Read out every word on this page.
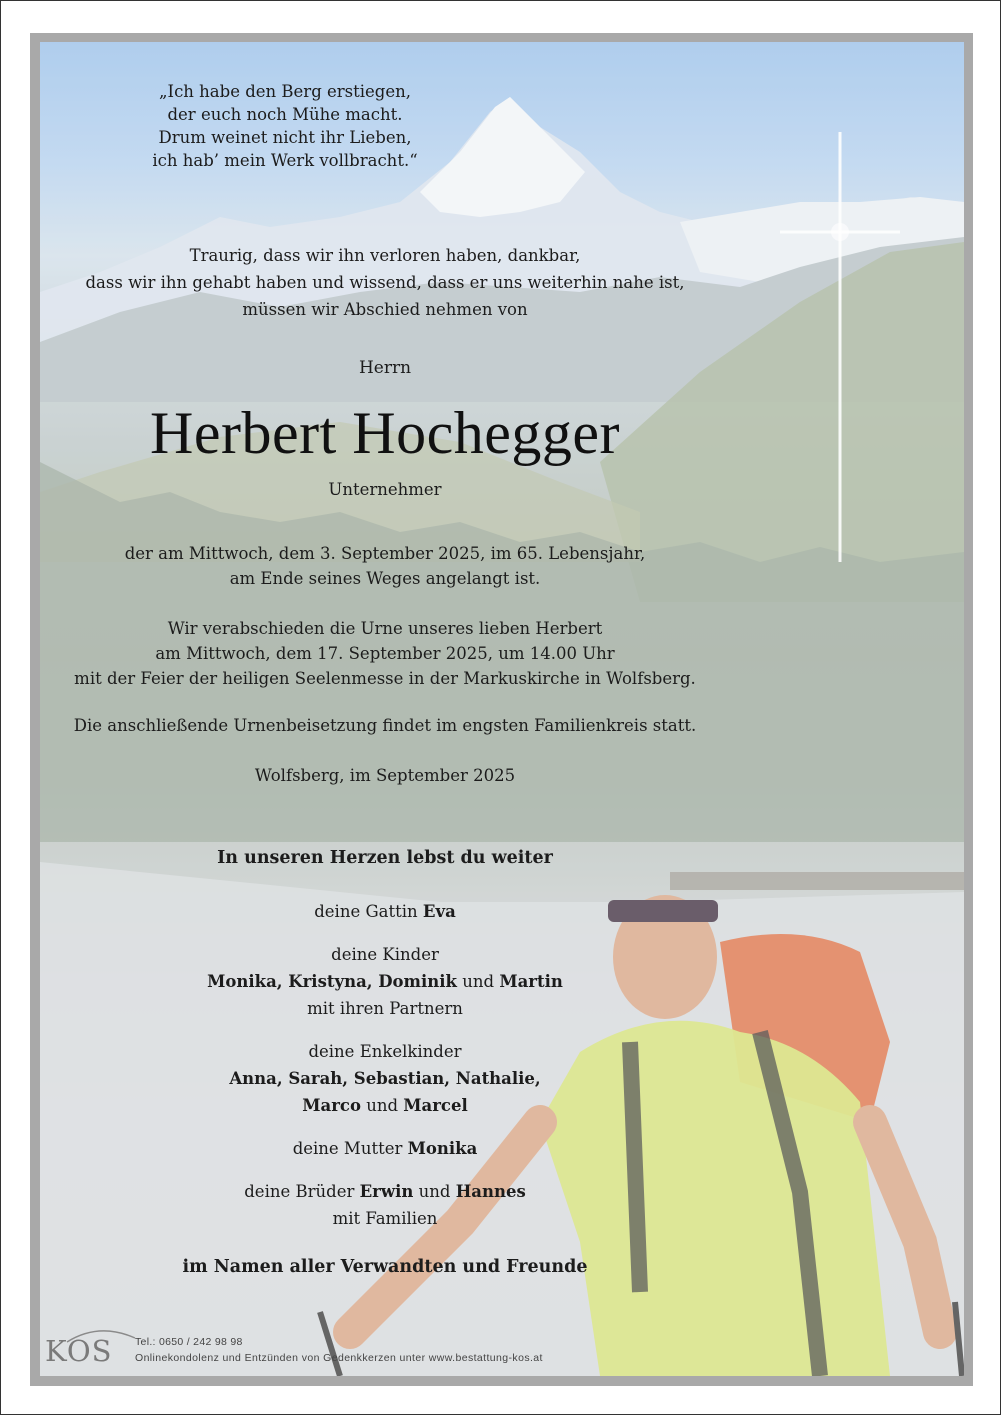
„Ich habe den Berg erstiegen,
der euch noch Mühe macht.
Drum weinet nicht ihr Lieben,
ich hab’ mein Werk vollbracht.“
Traurig, dass wir ihn verloren haben, dankbar,
dass wir ihn gehabt haben und wissend, dass er uns weiterhin nahe ist,
müssen wir Abschied nehmen von
Herrn
Herbert Hochegger
Unternehmer
der am Mittwoch, dem 3. September 2025, im 65. Lebensjahr,
am Ende seines Weges angelangt ist.
Wir verabschieden die Urne unseres lieben Herbert
am Mittwoch, dem 17. September 2025, um 14.00 Uhr
mit der Feier der heiligen Seelenmesse in der Markuskirche in Wolfsberg.
Die anschließende Urnenbeisetzung findet im engsten Familienkreis statt.
Wolfsberg, im September 2025
In unseren Herzen lebst du weiter
deine Gattin Eva
deine Kinder
Monika, Kristyna, Dominik und Martin
mit ihren Partnern
deine Enkelkinder
Anna, Sarah, Sebastian, Nathalie,
Marco und Marcel
deine Mutter Monika
deine Brüder Erwin und Hannes
mit Familien
im Namen aller Verwandten und Freunde
KOS Tel.: 0650 / 242 98 98
Onlinekondolenz und Entzünden von Gedenkkerzen unter www.bestattung-kos.at
